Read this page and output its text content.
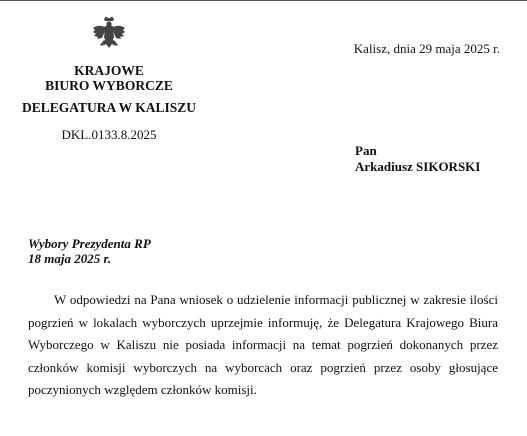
KRAJOWE
BIURO WYBORCZE
DELEGATURA W KALISZU
DKL.0133.8.2025
Kalisz, dnia 29 maja 2025 r.
Pan
Arkadiusz SIKORSKI
Wybory Prezydenta RP
18 maja 2025 r.

W odpowiedzi na Pana wniosek o udzielenie informacji publicznej w zakresie ilości pogrzień w lokalach wyborczych uprzejmie informuję, że Delegatura Krajowego Biura Wyborczego w Kaliszu nie posiada informacji na temat pogrzień dokonanych przez członków komisji wyborczych na wyborcach oraz pogrzień przez osoby głosujące poczynionych względem członków komisji.
